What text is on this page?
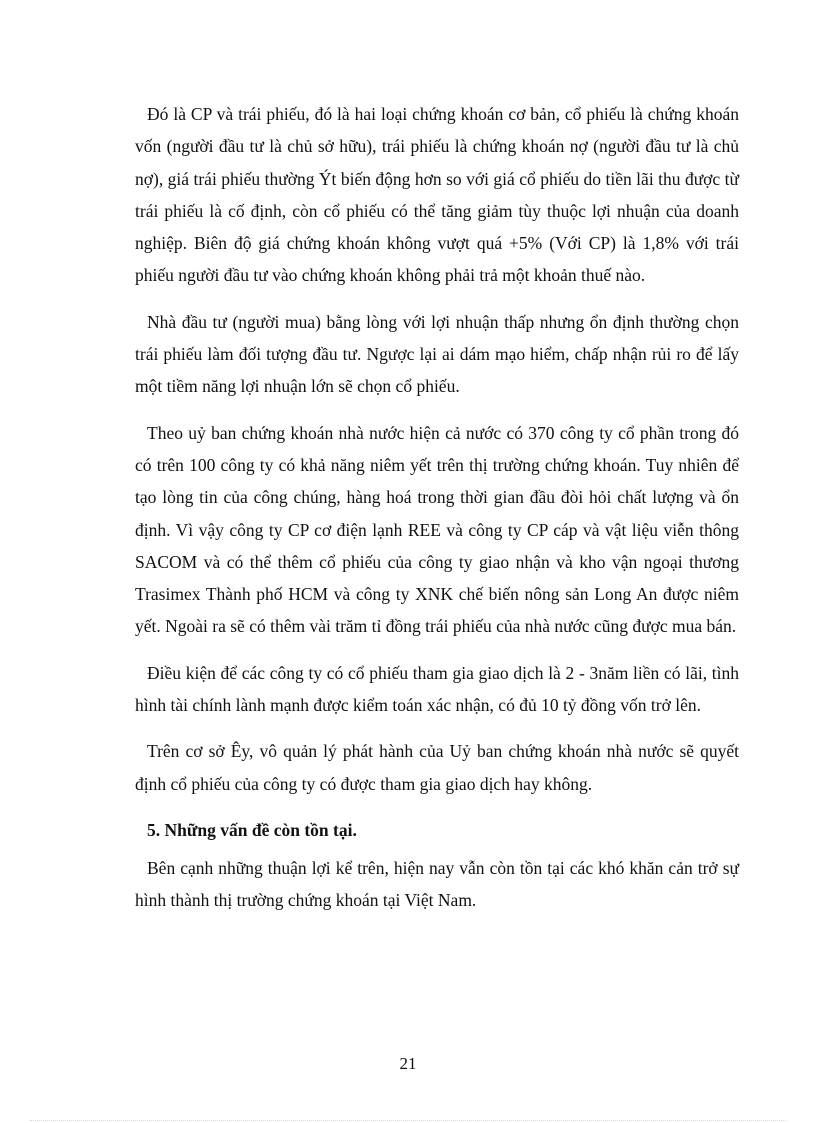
Đó là CP và trái phiếu, đó là hai loại chứng khoán cơ bản, cổ phiếu là chứng khoán vốn (người đầu tư là chủ sở hữu), trái phiếu là chứng khoán nợ (người đầu tư là chủ nợ), giá trái phiếu thường Ýt biến động hơn so với giá cổ phiếu do tiền lãi thu được từ trái phiếu là cố định, còn cổ phiếu có thể tăng giảm tùy thuộc lợi nhuận của doanh nghiệp. Biên độ giá chứng khoán không vượt quá +5% (Với CP) là 1,8% với trái phiếu người đầu tư vào chứng khoán không phải trả một khoản thuế nào.

Nhà đầu tư (người mua) bằng lòng với lợi nhuận thấp nhưng ổn định thường chọn trái phiếu làm đối tượng đầu tư. Ngược lại ai dám mạo hiểm, chấp nhận rủi ro để lấy một tiềm năng lợi nhuận lớn sẽ chọn cổ phiếu.

Theo uỷ ban chứng khoán nhà nước hiện cả nước có 370 công ty cổ phần trong đó có trên 100 công ty có khả năng niêm yết trên thị trường chứng khoán. Tuy nhiên để tạo lòng tin của công chúng, hàng hoá trong thời gian đầu đòi hỏi chất lượng và ổn định. Vì vậy công ty CP cơ điện lạnh REE và công ty CP cáp và vật liệu viễn thông SACOM và có thể thêm cổ phiếu của công ty giao nhận và kho vận ngoại thương Trasimex Thành phố HCM và công ty XNK chế biến nông sản Long An được niêm yết. Ngoài ra sẽ có thêm vài trăm tỉ đồng trái phiếu của nhà nước cũng được mua bán.

Điều kiện để các công ty có cổ phiếu tham gia giao dịch là 2 - 3năm liền có lãi, tình hình tài chính lành mạnh được kiểm toán xác nhận, có đủ 10 tỷ đồng vốn trở lên.

Trên cơ sở Êy, vô quản lý phát hành của Uỷ ban chứng khoán nhà nước sẽ quyết định cổ phiếu của công ty có được tham gia giao dịch hay không.

5. Những vấn đề còn tồn tại.

Bên cạnh những thuận lợi kể trên, hiện nay vẫn còn tồn tại các khó khăn cản trở sự hình thành thị trường chứng khoán tại Việt Nam.

21
